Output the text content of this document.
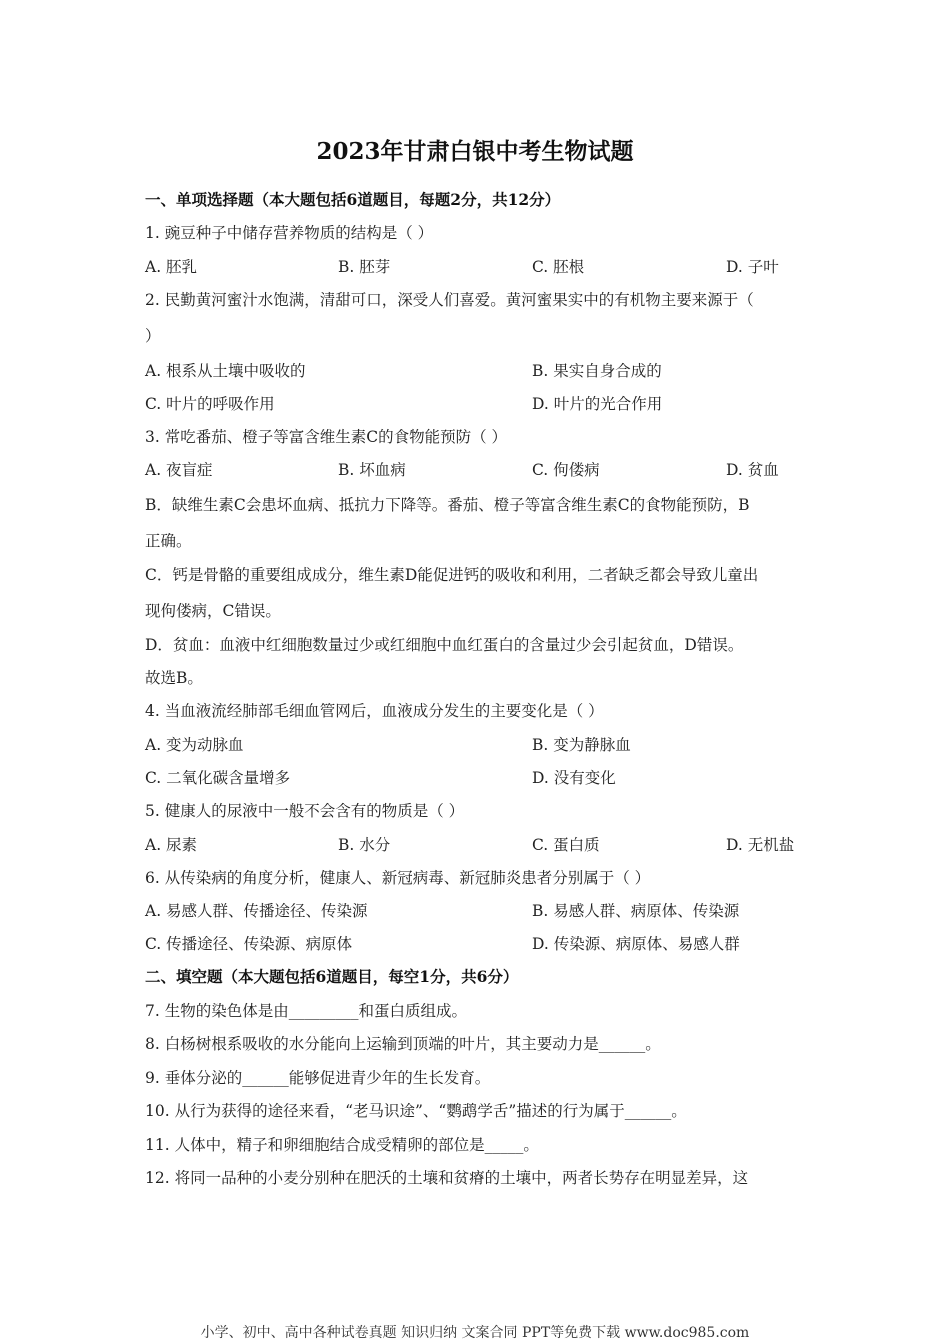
2023年甘肃白银中考生物试题
一、单项选择题（本大题包括6道题目，每题2分，共12分）
1. 豌豆种子中储存营养物质的结构是（ ）
A. 胚乳	B. 胚芽	C. 胚根	D. 子叶
2. 民勤黄河蜜汁水饱满，清甜可口，深受人们喜爱。黄河蜜果实中的有机物主要来源于（
）
A. 根系从土壤中吸收的	B. 果实自身合成的
C. 叶片的呼吸作用	D. 叶片的光合作用
3. 常吃番茄、橙子等富含维生素C的食物能预防（ ）
A. 夜盲症	B. 坏血病	C. 佝偻病	D. 贫血
B．缺维生素C会患坏血病、抵抗力下降等。番茄、橙子等富含维生素C的食物能预防，B
正确。
C．钙是骨骼的重要组成成分，维生素D能促进钙的吸收和利用，二者缺乏都会导致儿童出
现佝偻病，C错误。
D．贫血：血液中红细胞数量过少或红细胞中血红蛋白的含量过少会引起贫血，D错误。
故选B。
4. 当血液流经肺部毛细血管网后，血液成分发生的主要变化是（ ）
A. 变为动脉血	B. 变为静脉血
C. 二氧化碳含量增多	D. 没有变化
5. 健康人的尿液中一般不会含有的物质是（ ）
A. 尿素	B. 水分	C. 蛋白质	D. 无机盐
6. 从传染病的角度分析，健康人、新冠病毒、新冠肺炎患者分别属于（ ）
A. 易感人群、传播途径、传染源	B. 易感人群、病原体、传染源
C. 传播途径、传染源、病原体	D. 传染源、病原体、易感人群
二、填空题（本大题包括6道题目，每空1分，共6分）
7. 生物的染色体是由_________和蛋白质组成。
8. 白杨树根系吸收的水分能向上运输到顶端的叶片，其主要动力是______。
9. 垂体分泌的______能够促进青少年的生长发育。
10. 从行为获得的途径来看，“老马识途”、“鹦鹉学舌”描述的行为属于______。
11. 人体中，精子和卵细胞结合成受精卵的部位是_____。
12. 将同一品种的小麦分别种在肥沃的土壤和贫瘠的土壤中，两者长势存在明显差异，这
小学、初中、高中各种试卷真题 知识归纳 文案合同 PPT等免费下载 www.doc985.com
